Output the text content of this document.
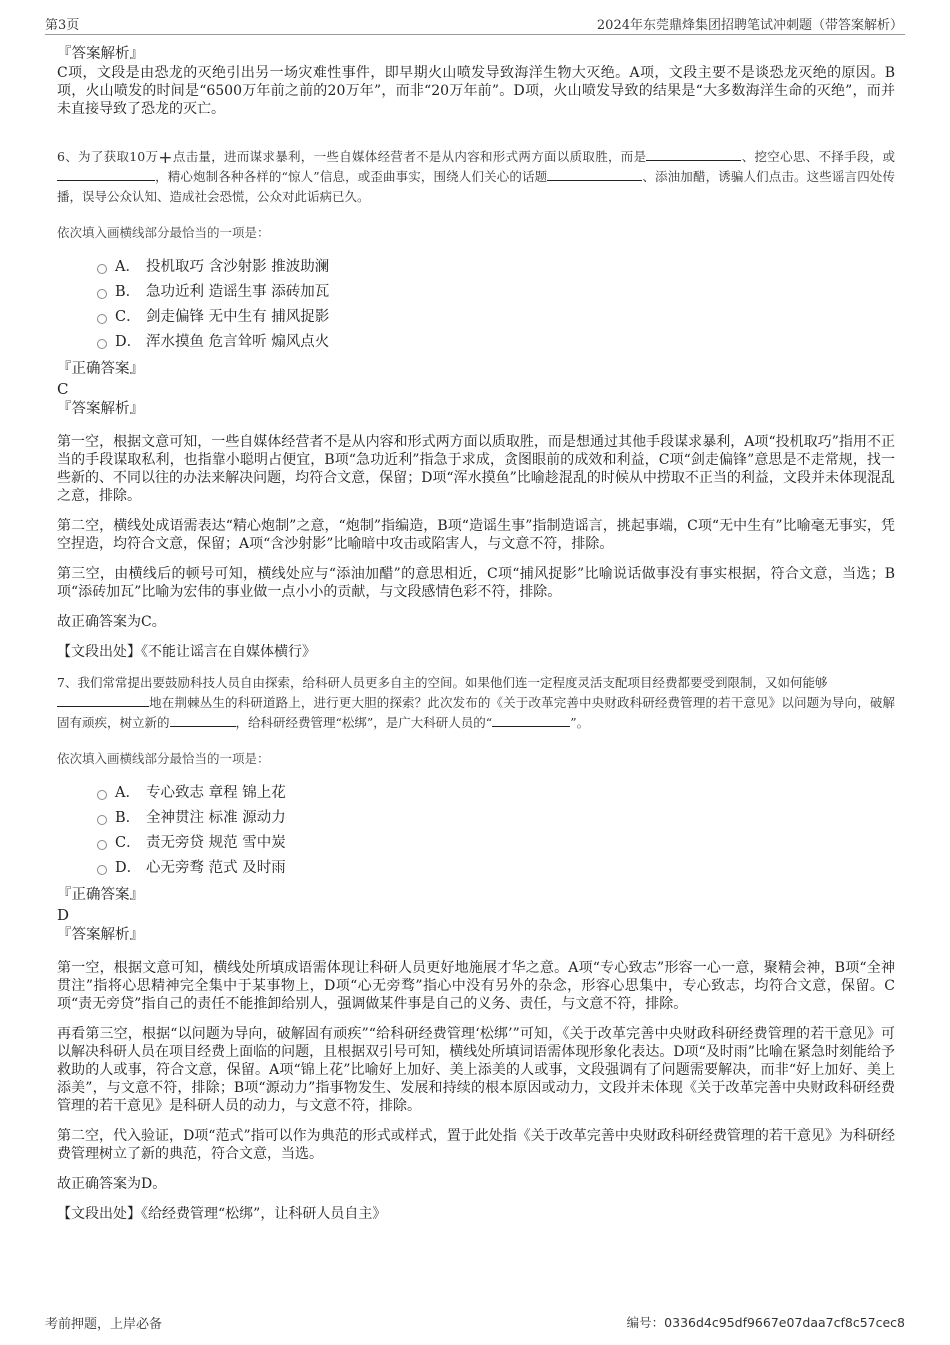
第3页	2024年东莞鼎烽集团招聘笔试冲刺题（带答案解析）
『答案解析』

C项，文段是由恐龙的灭绝引出另一场灾难性事件，即早期火山喷发导致海洋生物大灭绝。A项，文段主要不是谈恐龙灭绝的原因。B项，火山喷发的时间是“6500万年前之前的20万年”，而非“20万年前”。D项，火山喷发导致的结果是“大多数海洋生命的灭绝”，而并未直接导致了恐龙的灭亡。

6、为了获取10万+点击量，进而谋求暴利，一些自媒体经营者不是从内容和形式两方面以质取胜，而是	、挖空心思、不择手段，或，精心炮制各种各样的“惊人”信息，或歪曲事实，围绕人们关心的话题	、添油加醋，诱骗人们点击。这些谣言四处传播，误导公众认知、造成社会恐慌，公众对此诟病已久。

依次填入画横线部分最恰当的一项是：
A． 投机取巧 含沙射影 推波助澜
B． 急功近利 造谣生事 添砖加瓦
C． 剑走偏锋 无中生有 捕风捉影
D． 浑水摸鱼 危言耸听 煽风点火
『正确答案』
C
『答案解析』

第一空，根据文意可知，一些自媒体经营者不是从内容和形式两方面以质取胜，而是想通过其他手段谋求暴利，A项“投机取巧”指用不正当的手段谋取私利，也指靠小聪明占便宜，B项“急功近利”指急于求成，贪图眼前的成效和利益，C项“剑走偏锋”意思是不走常规，找一些新的、不同以往的办法来解决问题，均符合文意，保留；D项“浑水摸鱼”比喻趁混乱的时候从中捞取不正当的利益，文段并未体现混乱之意，排除。

第二空，横线处成语需表达“精心炮制”之意，“炮制”指编造，B项“造谣生事”指制造谣言，挑起事端，C项“无中生有”比喻毫无事实，凭空捏造，均符合文意，保留；A项“含沙射影”比喻暗中攻击或陷害人，与文意不符，排除。

第三空，由横线后的顿号可知，横线处应与“添油加醋”的意思相近，C项“捕风捉影”比喻说话做事没有事实根据，符合文意，当选；B项“添砖加瓦”比喻为宏伟的事业做一点小小的贡献，与文段感情色彩不符，排除。

故正确答案为C。

【文段出处】《不能让谣言在自媒体横行》

7、我们常常提出要鼓励科技人员自由探索，给科研人员更多自主的空间。如果他们连一定程度灵活支配项目经费都要受到限制，又如何能够
地在荆棘丛生的科研道路上，进行更大胆的探索？此次发布的《关于改革完善中央财政科研经费管理的若干意见》以问题为导向，破解固有顽疾，树立新的	，给科研经费管理“松绑”，是广大科研人员的“	”。

依次填入画横线部分最恰当的一项是：
A． 专心致志 章程 锦上花
B． 全神贯注 标准 源动力
C． 责无旁贷 规范 雪中炭
D． 心无旁骛 范式 及时雨
『正确答案』
D
『答案解析』

第一空，根据文意可知，横线处所填成语需体现让科研人员更好地施展才华之意。A项“专心致志”形容一心一意，聚精会神，B项“全神贯注”指将心思精神完全集中于某事物上，D项“心无旁骛”指心中没有另外的杂念，形容心思集中，专心致志，均符合文意，保留。C项“责无旁贷”指自己的责任不能推卸给别人，强调做某件事是自己的义务、责任，与文意不符，排除。

再看第三空，根据“以问题为导向，破解固有顽疾”“给科研经费管理‘松绑’”可知，《关于改革完善中央财政科研经费管理的若干意见》可以解决科研人员在项目经费上面临的问题，且根据双引号可知，横线处所填词语需体现形象化表达。D项“及时雨”比喻在紧急时刻能给予救助的人或事，符合文意，保留。A项“锦上花”比喻好上加好、美上添美的人或事，文段强调有了问题需要解决，而非“好上加好、美上添美”，与文意不符，排除；B项“源动力”指事物发生、发展和持续的根本原因或动力，文段并未体现《关于改革完善中央财政科研经费管理的若干意见》是科研人员的动力，与文意不符，排除。

第二空，代入验证，D项“范式”指可以作为典范的形式或样式，置于此处指《关于改革完善中央财政科研经费管理的若干意见》为科研经费管理树立了新的典范，符合文意，当选。

故正确答案为D。

【文段出处】《给经费管理“松绑”，让科研人员自主》

考前押题，上岸必备	编号：0336d4c95df9667e07daa7cf8c57cec8
